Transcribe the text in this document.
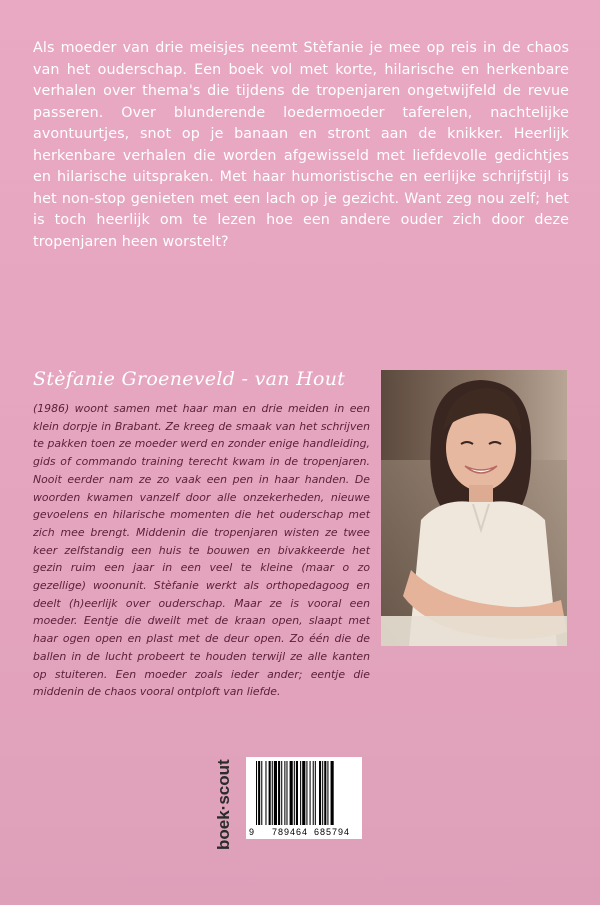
Als moeder van drie meisjes neemt Stèfanie je mee op reis in de chaos van het ouderschap. Een boek vol met korte, hilarische en herkenbare verhalen over thema's die tijdens de tropenjaren ongetwijfeld de revue passeren. Over blunderende loedermoeder taferelen, nachtelijke avontuurtjes, snot op je banaan en stront aan de knikker. Heerlijk herkenbare verhalen die worden afgewisseld met liefdevolle gedichtjes en hilarische uitspraken. Met haar humoristische en eerlijke schrijfstijl is het non-stop genieten met een lach op je gezicht. Want zeg nou zelf; het is toch heerlijk om te lezen hoe een andere ouder zich door deze tropenjaren heen worstelt?
Stèfanie Groeneveld - van Hout
(1986) woont samen met haar man en drie meiden in een klein dorpje in Brabant. Ze kreeg de smaak van het schrijven te pakken toen ze moeder werd en zonder enige handleiding, gids of commando training terecht kwam in de tropenjaren. Nooit eerder nam ze zo vaak een pen in haar handen. De woorden kwamen vanzelf door alle onzekerheden, nieuwe gevoelens en hilarische momenten die het ouderschap met zich mee brengt. Middenin die tropenjaren wisten ze twee keer zelfstandig een huis te bouwen en bivakkeerde het gezin ruim een jaar in een veel te kleine (maar o zo gezellige) woonunit. Stèfanie werkt als orthopedagoog en deelt (h)eerlijk over ouderschap. Maar ze is vooral een moeder. Eentje die dweilt met de kraan open, slaapt met haar ogen open en plast met de deur open. Zo één die de ballen in de lucht probeert te houden terwijl ze alle kanten op stuiteren. Een moeder zoals ieder ander; eentje die middenin de chaos vooral ontploft van liefde.
boek·scout 9 789464 685794
